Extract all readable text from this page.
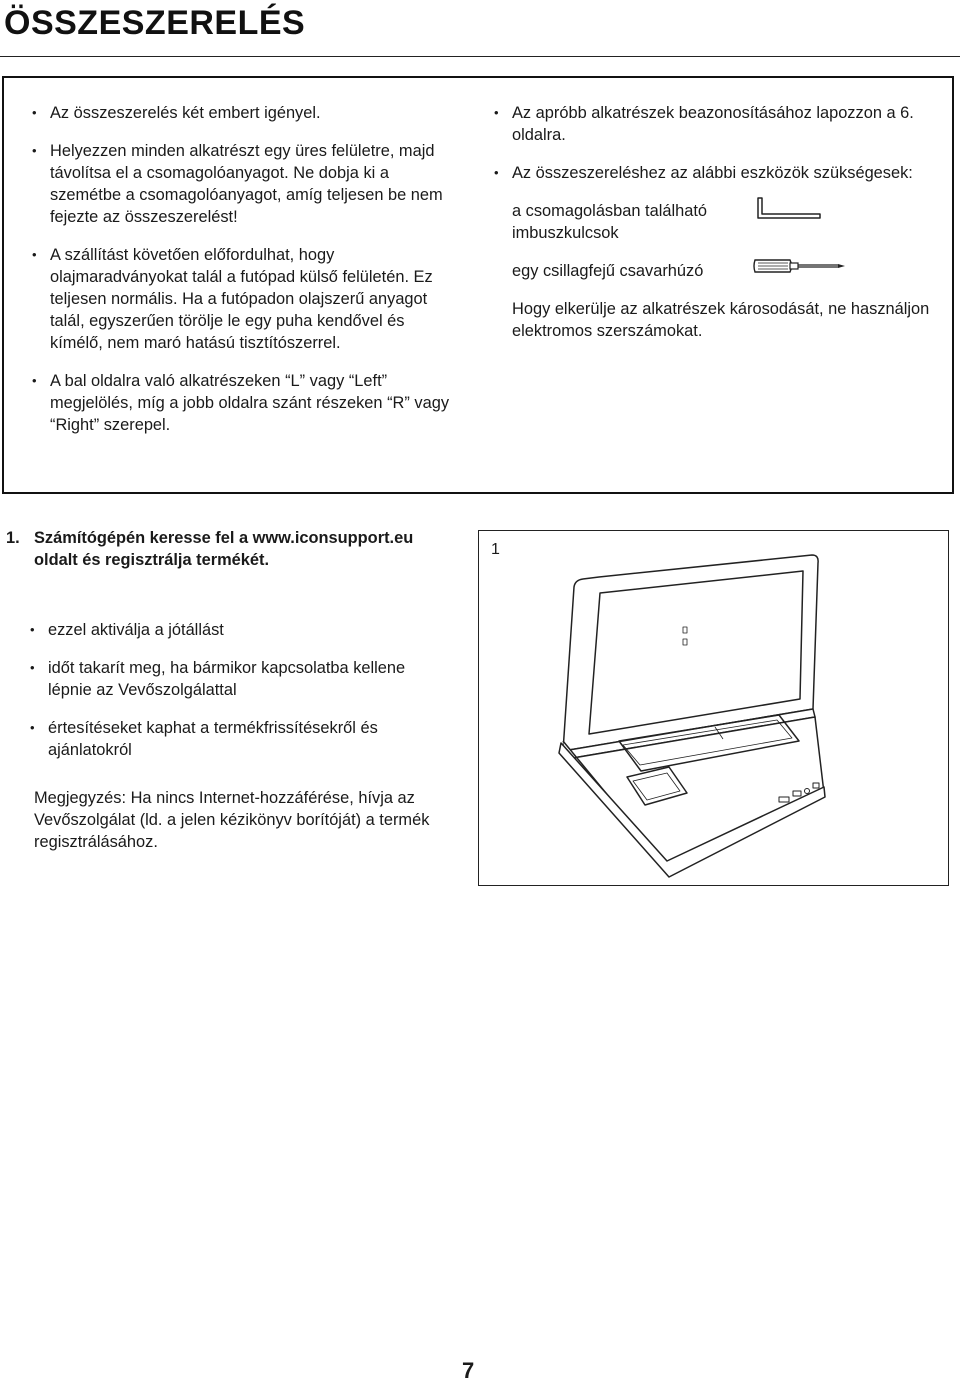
ÖSSZESZERELÉS

• Az összeszerelés két embert igényel.

• Helyezzen minden alkatrészt egy üres felületre, majd távolítsa el a csomagolóanyagot. Ne dobja ki a szemétbe a csomagolóanyagot, amíg teljesen be nem fejezte az összeszerelést!

• A szállítást követően előfordulhat, hogy olajmaradványokat talál a futópad külső felületén. Ez teljesen normális. Ha a futópadon olajszerű anyagot talál, egyszerűen törölje le egy puha kendővel és kímélő, nem maró hatású tisztítószerrel.

• A bal oldalra való alkatrészeken “L” vagy “Left” megjelölés, míg a jobb oldalra szánt részeken “R” vagy “Right” szerepel.

• Az apróbb alkatrészek beazonosításához lapozzon a 6. oldalra.

• Az összeszereléshez az alábbi eszközök szükségesek:

a csomagolásban található imbuszkulcsok
egy csillagfejű csavarhúzó

Hogy elkerülje az alkatrészek károsodását, ne használjon elektromos szerszámokat.

1. Számítógépén keresse fel a www.iconsupport.eu oldalt és regisztrálja termékét.

• ezzel aktiválja a jótállást

• időt takarít meg, ha bármikor kapcsolatba kellene lépnie az Vevőszolgálattal

• értesítéseket kaphat a termékfrissítésekről és ajánlatokról

Megjegyzés: Ha nincs Internet-hozzáférése, hívja az Vevőszolgálat (ld. a jelen kézikönyv borítóját) a termék regisztrálásához.

1
7
